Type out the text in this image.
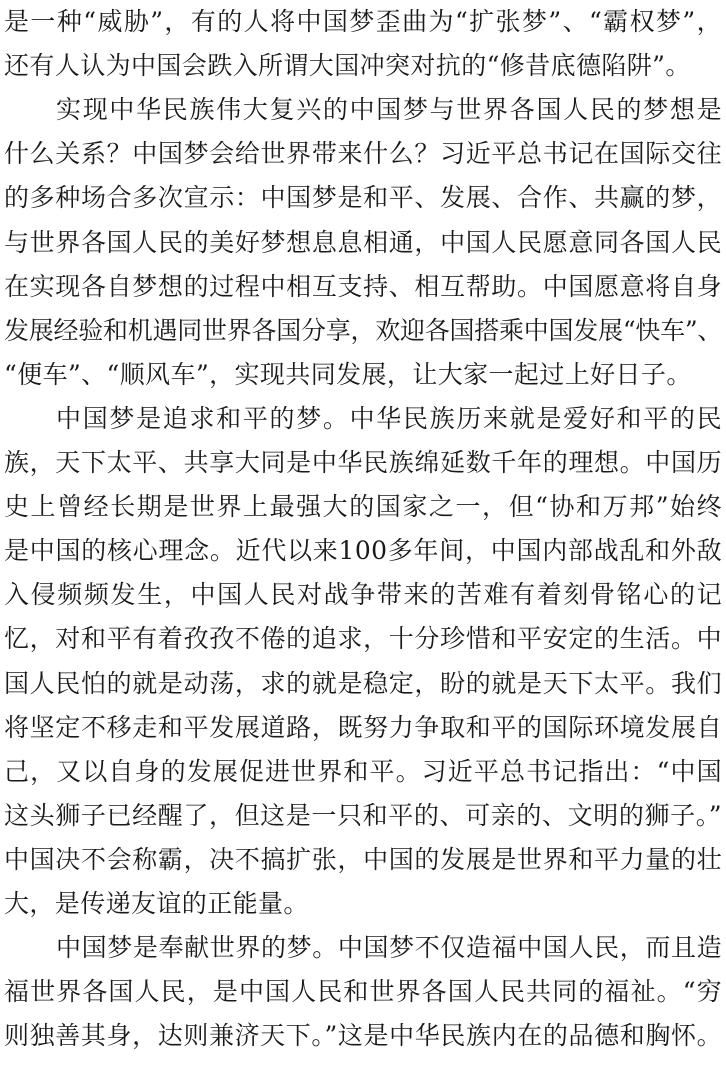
是一种“威胁”，有的人将中国梦歪曲为“扩张梦”、“霸权梦”，
还有人认为中国会跌入所谓大国冲突对抗的“修昔底德陷阱”。
实现中华民族伟大复兴的中国梦与世界各国人民的梦想是
什么关系？中国梦会给世界带来什么？习近平总书记在国际交往
的多种场合多次宣示：中国梦是和平、发展、合作、共赢的梦，
与世界各国人民的美好梦想息息相通，中国人民愿意同各国人民
在实现各自梦想的过程中相互支持、相互帮助。中国愿意将自身
发展经验和机遇同世界各国分享，欢迎各国搭乘中国发展“快车”、
“便车”、“顺风车”，实现共同发展，让大家一起过上好日子。
中国梦是追求和平的梦。中华民族历来就是爱好和平的民
族，天下太平、共享大同是中华民族绵延数千年的理想。中国历
史上曾经长期是世界上最强大的国家之一，但“协和万邦”始终
是中国的核心理念。近代以来100多年间，中国内部战乱和外敌
入侵频频发生，中国人民对战争带来的苦难有着刻骨铭心的记
忆，对和平有着孜孜不倦的追求，十分珍惜和平安定的生活。中
国人民怕的就是动荡，求的就是稳定，盼的就是天下太平。我们
将坚定不移走和平发展道路，既努力争取和平的国际环境发展自
己，又以自身的发展促进世界和平。习近平总书记指出：“中国
这头狮子已经醒了，但这是一只和平的、可亲的、文明的狮子。”
中国决不会称霸，决不搞扩张，中国的发展是世界和平力量的壮
大，是传递友谊的正能量。
中国梦是奉献世界的梦。中国梦不仅造福中国人民，而且造
福世界各国人民，是中国人民和世界各国人民共同的福祉。“穷
则独善其身，达则兼济天下。”这是中华民族内在的品德和胸怀。
